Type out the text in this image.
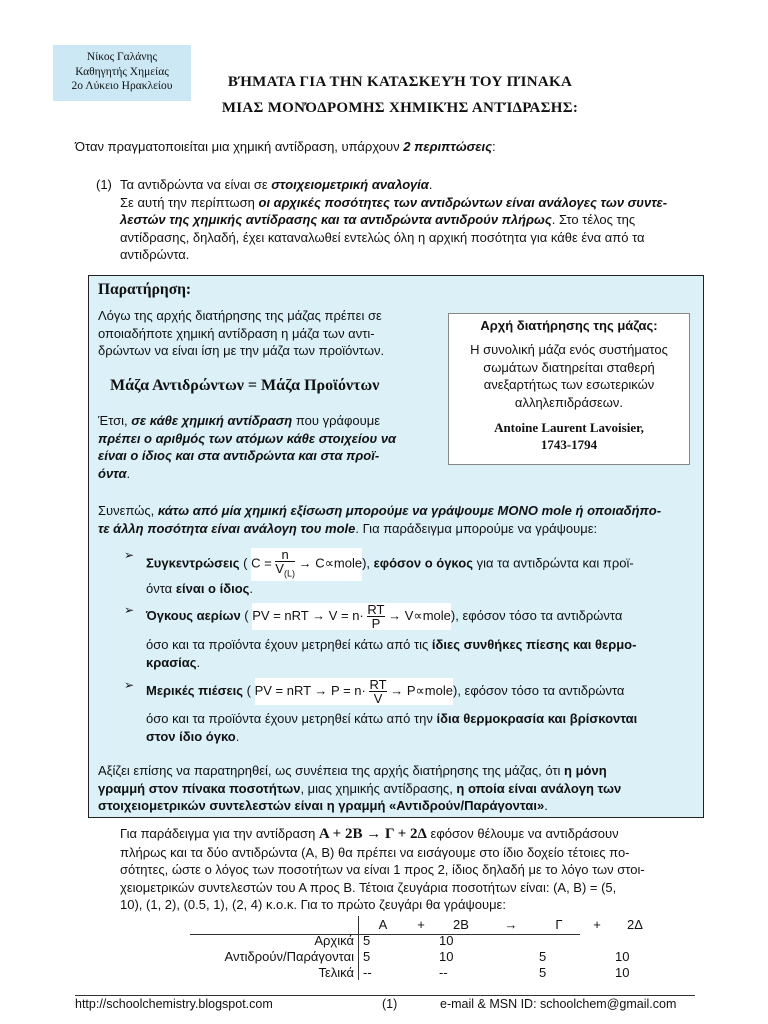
Νίκος Γαλάνης
Καθηγητής Χημείας
2ο Λύκειο Ηρακλείου	ΒΉΜΑΤΑ ΓΙΑ ΤΗΝ ΚΑΤΑΣΚΕΥΉ ΤΟΥ ΠΊΝΑΚΑ
ΜΙΑΣ ΜΟΝΌΔΡΟΜΗΣ ΧΗΜΙΚΉΣ ΑΝΤΊΔΡΑΣΗΣ:
Όταν πραγματοποιείται μια χημική αντίδραση, υπάρχουν 2 περιπτώσεις:
(1) Τα αντιδρώντα να είναι σε στοιχειομετρική αναλογία.
Σε αυτή την περίπτωση οι αρχικές ποσότητες των αντιδρώντων είναι ανάλογες των συντε-
λεστών της χημικής αντίδρασης και τα αντιδρώντα αντιδρούν πλήρως. Στο τέλος της
αντίδρασης, δηλαδή, έχει καταναλωθεί εντελώς όλη η αρχική ποσότητα για κάθε ένα από τα
αντιδρώντα.
Παρατήρηση:
Λόγω της αρχής διατήρησης της μάζας πρέπει σε
οποιαδήποτε χημική αντίδραση η μάζα των αντι-
δρώντων να είναι ίση με την μάζα των προϊόντων.
Μάζα Αντιδρώντων = Μάζα Προϊόντων
Έτσι, σε κάθε χημική αντίδραση που γράφουμε
πρέπει ο αριθμός των ατόμων κάθε στοιχείου να
είναι ο ίδιος και στα αντιδρώντα και στα προϊ-
όντα.
Αρχή διατήρησης της μάζας:
Η συνολική μάζα ενός συστήματος
σωμάτων διατηρείται σταθερή
ανεξαρτήτως των εσωτερικών
αλληλεπιδράσεων.
Antoine Laurent Lavoisier,
1743-1794
Συνεπώς, κάτω από μία χημική εξίσωση μπορούμε να γράψουμε ΜΟΝΟ mole ή οποιαδήπο-
τε άλλη ποσότητα είναι ανάλογη του mole. Για παράδειγμα μπορούμε να γράψουμε:
➢
Συγκεντρώσεις ( $C = \frac{n}{V_{(L)}}$ → C∝mole), εφόσον ο όγκος για τα αντιδρώντα και προϊ-
όντα είναι ο ίδιος.
➢ Όγκους αερίων ( PV = nRT → $V = n\cdot \frac{RT}{P}$ → V∝mole), εφόσον τόσο τα αντιδρώντα
όσο και τα προϊόντα έχουν μετρηθεί κάτω από τις ίδιες συνθήκες πίεσης και θερμο-
κρασίας.
➢ Μερικές πιέσεις ( PV = nRT → $P = n\cdot \frac{RT}{V}$ → P∝mole), εφόσον τόσο τα αντιδρώντα
όσο και τα προϊόντα έχουν μετρηθεί κάτω από την ίδια θερμοκρασία και βρίσκονται
στον ίδιο όγκο.
Αξίζει επίσης να παρατηρηθεί, ως συνέπεια της αρχής διατήρησης της μάζας, ότι η μόνη
γραμμή στον πίνακα ποσοτήτων, μιας χημικής αντίδρασης, η οποία είναι ανάλογη των
στοιχειομετρικών συντελεστών είναι η γραμμή «Αντιδρούν/Παράγονται».
Για παράδειγμα για την αντίδραση Α + 2Β → Γ + 2Δ εφόσον θέλουμε να αντιδράσουν
πλήρως και τα δύο αντιδρώντα (Α, Β) θα πρέπει να εισάγουμε στο ίδιο δοχείο τέτοιες πο-
σότητες, ώστε ο λόγος των ποσοτήτων να είναι 1 προς 2, ίδιος δηλαδή με το λόγο των στοι-
χειομετρικών συντελεστών του Α προς Β. Τέτοια ζευγάρια ποσοτήτων είναι: (Α, Β) = (5,
10), (1, 2), (0.5, 1), (2, 4) κ.ο.κ. Για το πρώτο ζευγάρι θα γράψουμε:
	Α	+	2Β	→	Γ	+	2Δ
Αρχικά	5		10				
Αντιδρούν/Παράγονται	5		10		5		10
Τελικά	--		--		5		10
http://schoolchemistry.blogspot.com	(1)	e-mail & MSN ID: schoolchem@gmail.com
